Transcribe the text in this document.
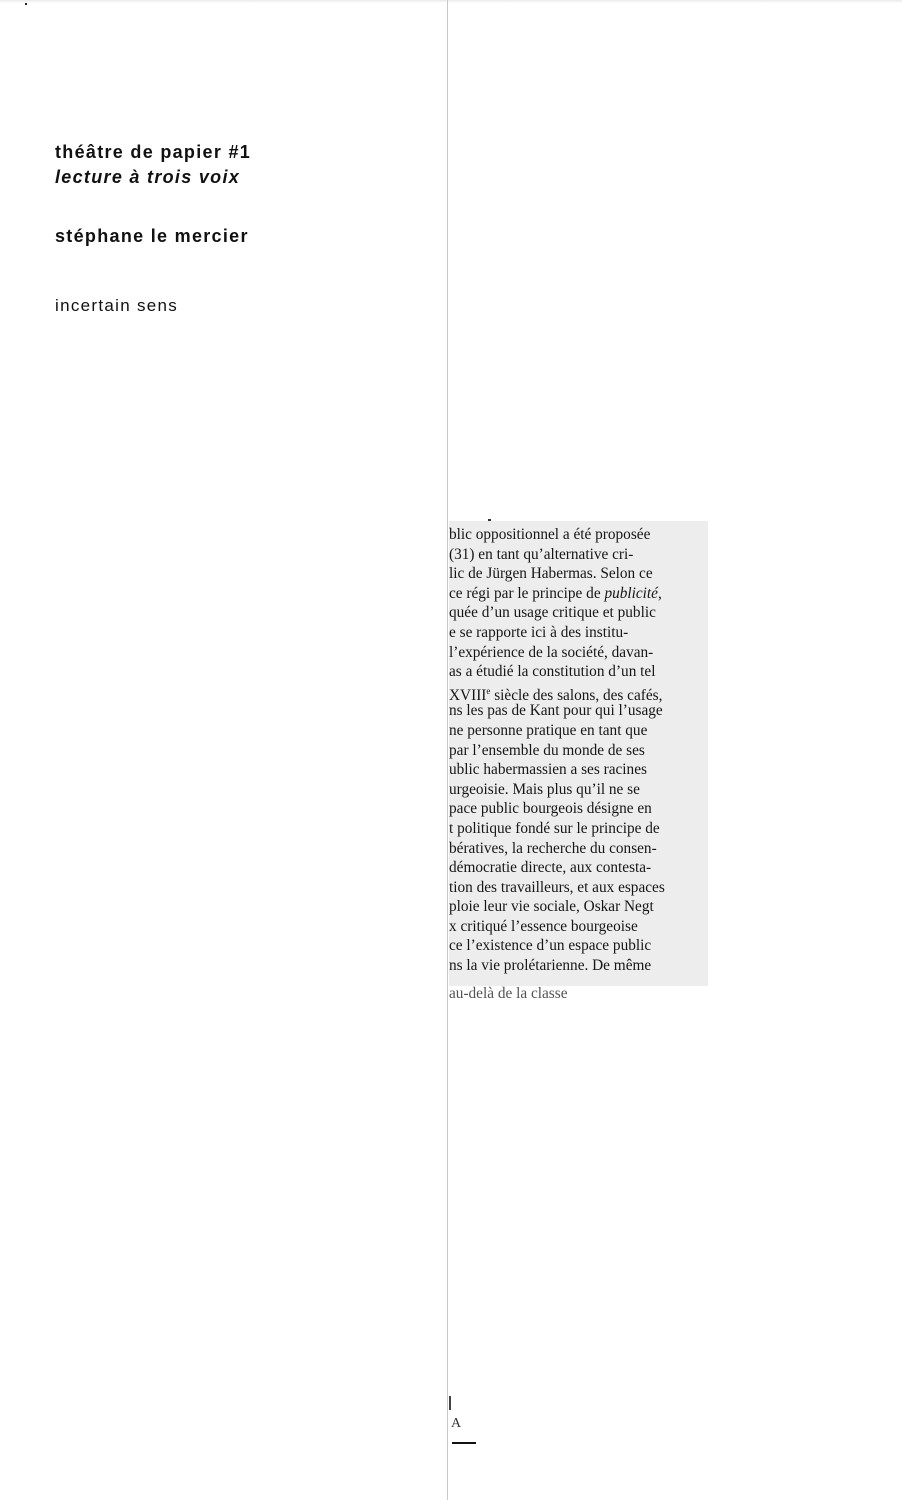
théâtre de papier #1

lecture à trois voix

stéphane le mercier

incertain sens

blic oppositionnel a été proposée
(31) en tant qu’alternative cri-
lic de Jürgen Habermas. Selon ce
ce régi par le principe de publicité,
quée d’un usage critique et public
e se rapporte ici à des institu-
l’expérience de la société, davan-
as a étudié la constitution d’un tel
XVIIIe siècle des salons, des cafés,
ns les pas de Kant pour qui l’usage
ne personne pratique en tant que
par l’ensemble du monde de ses
ublic habermassien a ses racines
urgeoisie. Mais plus qu’il ne se
pace public bourgeois désigne en
t politique fondé sur le principe de
bératives, la recherche du consen-
démocratie directe, aux contesta-
tion des travailleurs, et aux espaces
ploie leur vie sociale, Oskar Negt
x critiqué l’essence bourgeoise
ce l’existence d’un espace public
ns la vie prolétarienne. De même
au-delà de la classe
A
